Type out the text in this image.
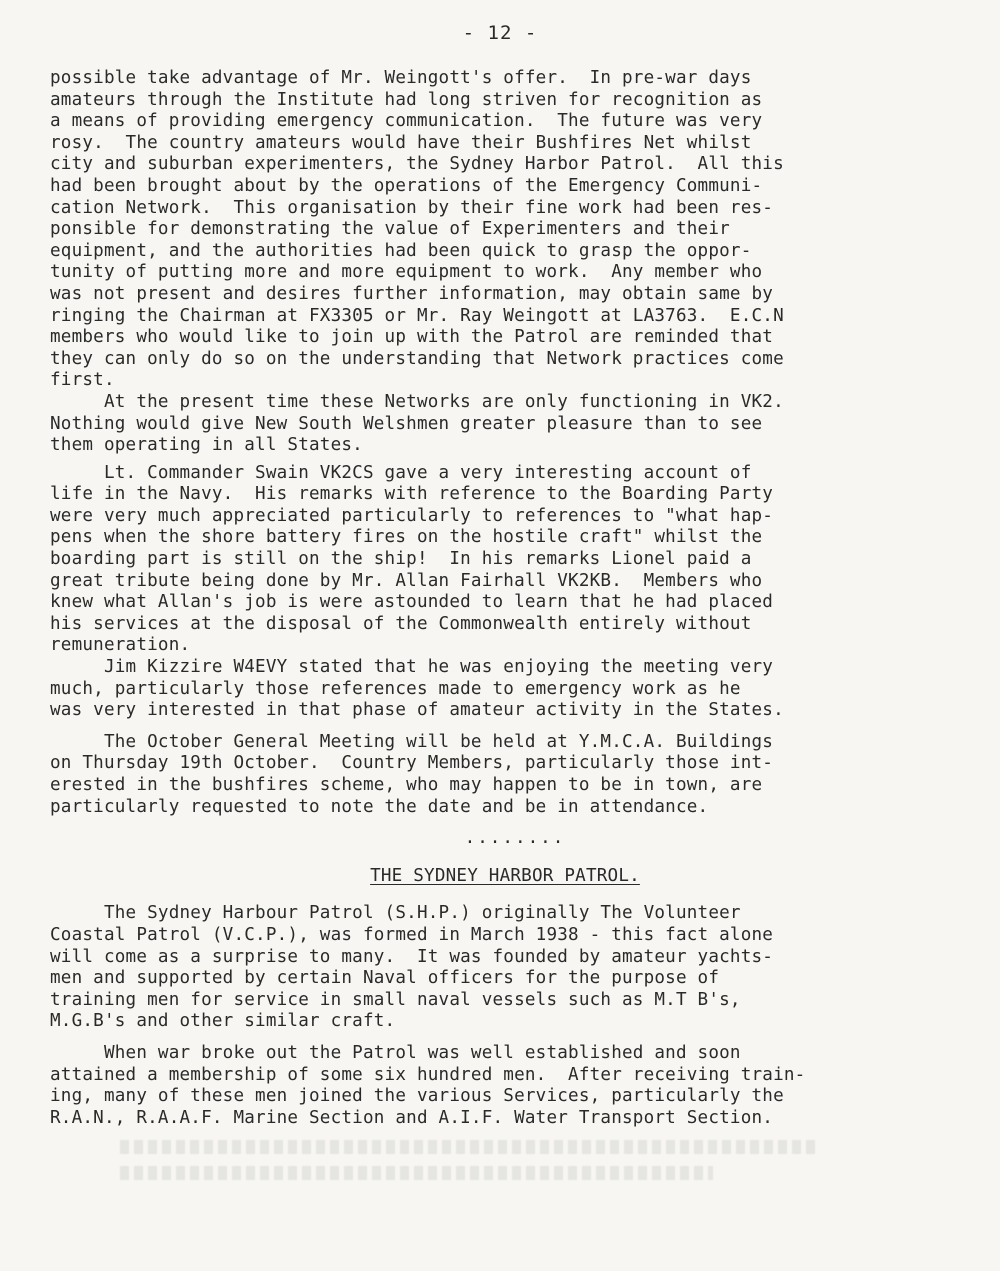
- 12 -
possible take advantage of Mr. Weingott's offer.  In pre-war days
amateurs through the Institute had long striven for recognition as
a means of providing emergency communication.  The future was very
rosy.  The country amateurs would have their Bushfires Net whilst
city and suburban experimenters, the Sydney Harbor Patrol.  All this
had been brought about by the operations of the Emergency Communi-
cation Network.  This organisation by their fine work had been res-
ponsible for demonstrating the value of Experimenters and their
equipment, and the authorities had been quick to grasp the oppor-
tunity of putting more and more equipment to work.  Any member who
was not present and desires further information, may obtain same by
ringing the Chairman at FX3305 or Mr. Ray Weingott at LA3763.  E.C.N
members who would like to join up with the Patrol are reminded that
they can only do so on the understanding that Network practices come
first.
At the present time these Networks are only functioning in VK2.
Nothing would give New South Welshmen greater pleasure than to see
them operating in all States.
Lt. Commander Swain VK2CS gave a very interesting account of
life in the Navy.  His remarks with reference to the Boarding Party
were very much appreciated particularly to references to "what hap-
pens when the shore battery fires on the hostile craft" whilst the
boarding part is still on the ship!  In his remarks Lionel paid a
great tribute being done by Mr. Allan Fairhall VK2KB.  Members who
knew what Allan's job is were astounded to learn that he had placed
his services at the disposal of the Commonwealth entirely without
remuneration.
Jim Kizzire W4EVY stated that he was enjoying the meeting very
much, particularly those references made to emergency work as he
was very interested in that phase of amateur activity in the States.
The October General Meeting will be held at Y.M.C.A. Buildings
on Thursday 19th October.  Country Members, particularly those int-
erested in the bushfires scheme, who may happen to be in town, are
particularly requested to note the date and be in attendance.
........
THE SYDNEY HARBOR PATROL.
The Sydney Harbour Patrol (S.H.P.) originally The Volunteer
Coastal Patrol (V.C.P.), was formed in March 1938 - this fact alone
will come as a surprise to many.  It was founded by amateur yachts-
men and supported by certain Naval officers for the purpose of
training men for service in small naval vessels such as M.T B's,
M.G.B's and other similar craft.
When war broke out the Patrol was well established and soon
attained a membership of some six hundred men.  After receiving train-
ing, many of these men joined the various Services, particularly the
R.A.N., R.A.A.F. Marine Section and A.I.F. Water Transport Section.
